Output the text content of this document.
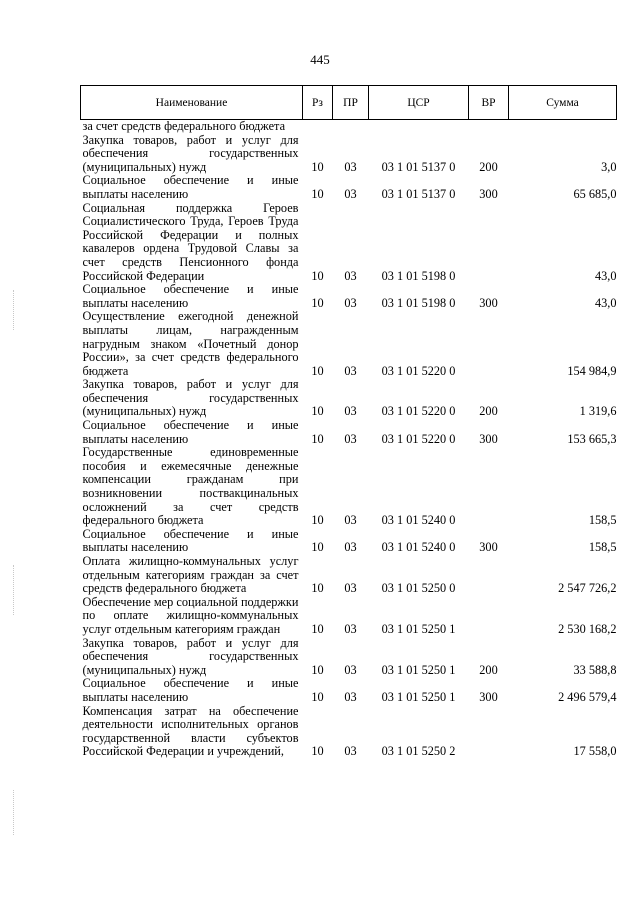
445
Наименование	Рз	ПР	ЦСР	ВР	Сумма
за счет средств федерального бюджета					
Закупка товаров, работ и услуг для обеспечения государственных (муниципальных) нужд	10	03	03 1 01 5137 0	200	3,0
Социальное обеспечение и иные выплаты населению	10	03	03 1 01 5137 0	300	65 685,0
Социальная поддержка Героев Социалистического Труда, Героев Труда Российской Федерации и полных кавалеров ордена Трудовой Славы за счет средств Пенсионного фонда Российской Федерации	10	03	03 1 01 5198 0		43,0
Социальное обеспечение и иные выплаты населению	10	03	03 1 01 5198 0	300	43,0
Осуществление ежегодной денежной выплаты лицам, награжденным нагрудным знаком «Почетный донор России», за счет средств федерального бюджета	10	03	03 1 01 5220 0		154 984,9
Закупка товаров, работ и услуг для обеспечения государственных (муниципальных) нужд	10	03	03 1 01 5220 0	200	1 319,6
Социальное обеспечение и иные выплаты населению	10	03	03 1 01 5220 0	300	153 665,3
Государственные единовременные пособия и ежемесячные денежные компенсации гражданам при возникновении поствакцинальных осложнений за счет средств федерального бюджета	10	03	03 1 01 5240 0		158,5
Социальное обеспечение и иные выплаты населению	10	03	03 1 01 5240 0	300	158,5
Оплата жилищно-коммунальных услуг отдельным категориям граждан за счет средств федерального бюджета	10	03	03 1 01 5250 0		2 547 726,2
Обеспечение мер социальной поддержки по оплате жилищно-коммунальных услуг отдельным категориям граждан	10	03	03 1 01 5250 1		2 530 168,2
Закупка товаров, работ и услуг для обеспечения государственных (муниципальных) нужд	10	03	03 1 01 5250 1	200	33 588,8
Социальное обеспечение и иные выплаты населению	10	03	03 1 01 5250 1	300	2 496 579,4
Компенсация затрат на обеспечение деятельности исполнительных органов государственной власти субъектов Российской Федерации и учреждений,	10	03	03 1 01 5250 2		17 558,0
